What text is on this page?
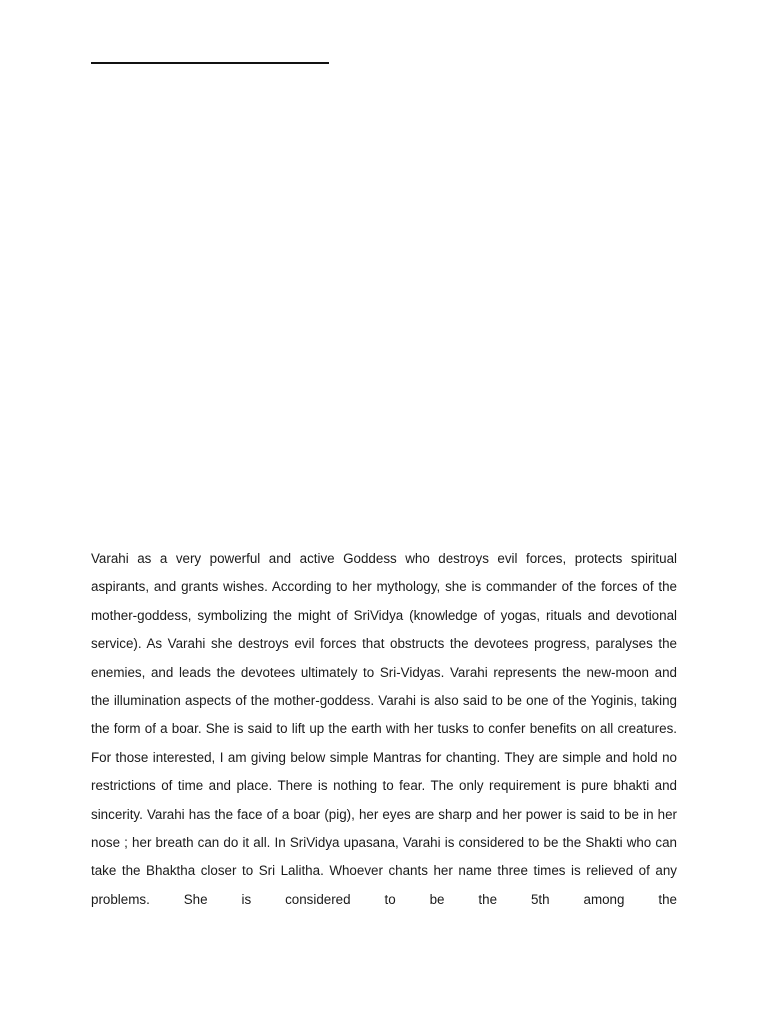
Varahi as a very powerful and active Goddess who destroys evil forces, protects spiritual aspirants, and grants wishes. According to her mythology, she is commander of the forces of the mother-goddess, symbolizing the might of SriVidya (knowledge of yogas, rituals and devotional service). As Varahi she destroys evil forces that obstructs the devotees progress, paralyses the enemies, and leads the devotees ultimately to Sri-Vidyas. Varahi represents the new-moon and the illumination aspects of the mother-goddess. Varahi is also said to be one of the Yoginis, taking the form of a boar. She is said to lift up the earth with her tusks to confer benefits on all creatures. For those interested, I am giving below simple Mantras for chanting. They are simple and hold no restrictions of time and place. There is nothing to fear. The only requirement is pure bhakti and sincerity. Varahi has the face of a boar (pig), her eyes are sharp and her power is said to be in her nose ; her breath can do it all. In SriVidya upasana, Varahi is considered to be the Shakti who can take the Bhaktha closer to Sri Lalitha. Whoever chants her name three times is relieved of any problems. She is considered to be the 5th among the
